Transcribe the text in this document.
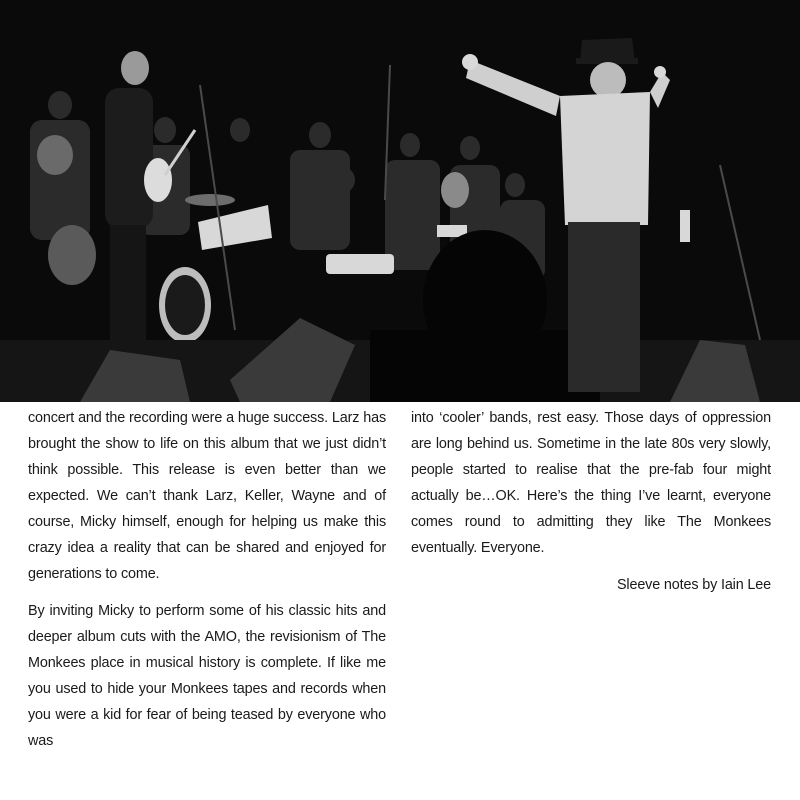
concert and the recording were a huge success. Larz has brought the show to life on this album that we just didn’t think possible. This release is even better than we expected. We can’t thank Larz, Keller, Wayne and of course, Micky himself, enough for helping us make this crazy idea a reality that can be shared and enjoyed for generations to come.

By inviting Micky to perform some of his classic hits and deeper album cuts with the AMO, the revisionism of The Monkees place in musical history is complete. If like me you used to hide your Monkees tapes and records when you were a kid for fear of being teased by everyone who was

into ‘cooler’ bands, rest easy. Those days of oppression are long behind us. Sometime in the late 80s very slowly, people started to realise that the pre-fab four might actually be…OK. Here’s the thing I’ve learnt, everyone comes round to admitting they like The Monkees eventually. Everyone.

Sleeve notes by Iain Lee
